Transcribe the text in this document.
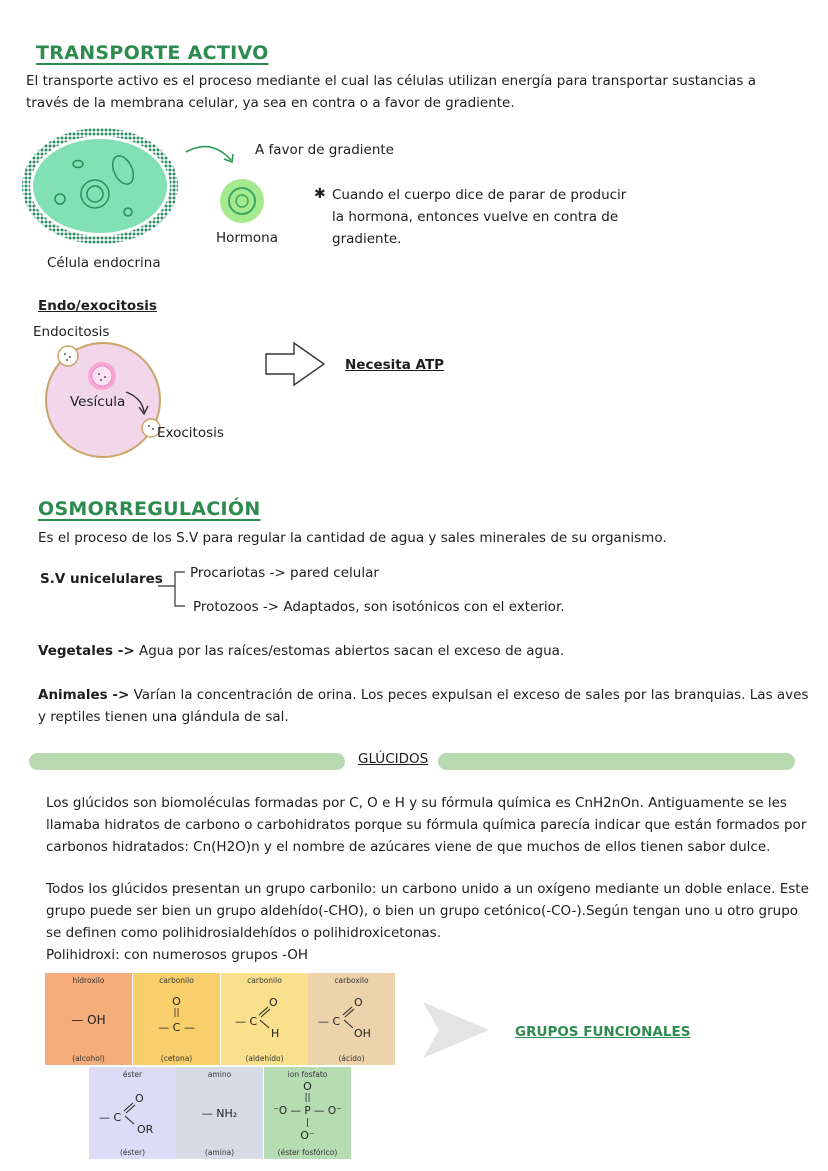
TRANSPORTE ACTIVO
El transporte activo es el proceso mediante el cual las células utilizan energía para transportar sustancias a
través de la membrana celular, ya sea en contra o a favor de gradiente.
Célula endocrina
A favor de gradiente
Hormona
✱ Cuando el cuerpo dice de parar de producir
la hormona, entonces vuelve en contra de
gradiente.
Endo/exocitosis
Endocitosis
Vesícula
Exocitosis
Necesita ATP
OSMORREGULACIÓN
Es el proceso de los S.V para regular la cantidad de agua y sales minerales de su organismo.
S.V unicelulares Procariotas -> pared celular
Protozoos -> Adaptados, son isotónicos con el exterior.
Vegetales -> Agua por las raíces/estomas abiertos sacan el exceso de agua.
Animales -> Varían la concentración de orina. Los peces expulsan el exceso de sales por las branquias. Las aves
y reptiles tienen una glándula de sal.
GLÚCIDOS
Los glúcidos son biomoléculas formadas por C, O e H y su fórmula química es CnH2nOn. Antiguamente se les
llamaba hidratos de carbono o carbohidratos porque su fórmula química parecía indicar que están formados por
carbonos hidratados: Cn(H2O)n y el nombre de azúcares viene de que muchos de ellos tienen sabor dulce.
Todos los glúcidos presentan un grupo carbonilo: un carbono unido a un oxígeno mediante un doble enlace. Este
grupo puede ser bien un grupo aldehído(-CHO), o bien un grupo cetónico(-CO-).Según tengan uno u otro grupo
se definen como polihidrosialdehídos o polihidroxicetonas.
Polihidroxi: con numerosos grupos -OH
hidroxilo
— OH
(alcohol)
carbonilo
O
||
— C —
(cetona)
carbonilo
O
— C
H
(aldehído)
carboxilo
O
— C
OH
(ácido)
éster
O
— C
OR
(éster)
amino
— NH₂
(amina)
ion fosfato
O
||
⁻O — P — O⁻
|
O⁻
(éster fosfórico)
GRUPOS FUNCIONALES
